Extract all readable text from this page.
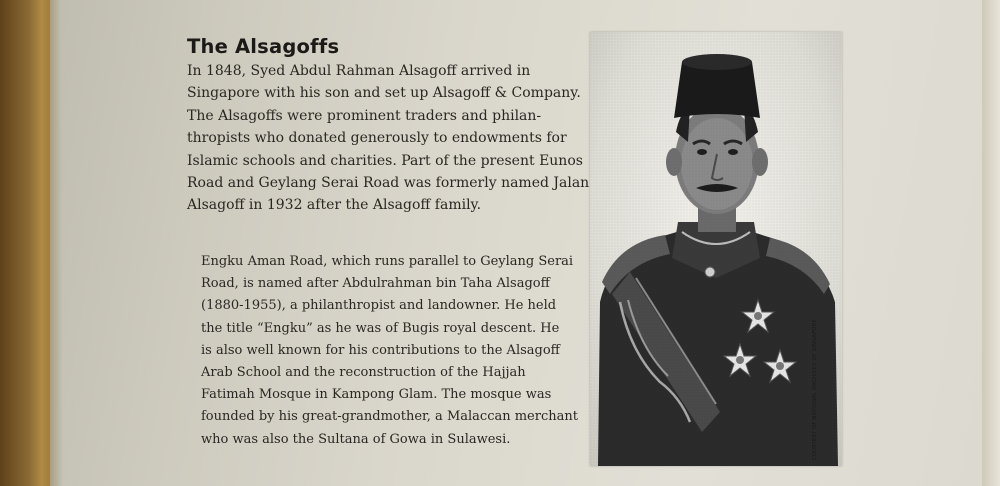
The Alsagoffs
In 1848, Syed Abdul Rahman Alsagoff arrived in
Singapore with his son and set up Alsagoff & Company.
The Alsagoffs were prominent traders and philan-
thropists who donated generously to endowments for
Islamic schools and charities. Part of the present Eunos
Road and Geylang Serai Road was formerly named Jalan
Alsagoff in 1932 after the Alsagoff family.
Engku Aman Road, which runs parallel to Geylang Serai
Road, is named after Abdulrahman bin Taha Alsagoff
(1880-1955), a philanthropist and landowner. He held
the title “Engku” as he was of Bugis royal descent. He
is also well known for his contributions to the Alsagoff
Arab School and the reconstruction of the Hajjah
Fatimah Mosque in Kampong Glam. The mosque was
founded by his great-grandmother, a Malaccan merchant
who was also the Sultana of Gowa in Sulawesi.	COURTESY OF NATIONAL ARCHIVES OF SINGAPORE
